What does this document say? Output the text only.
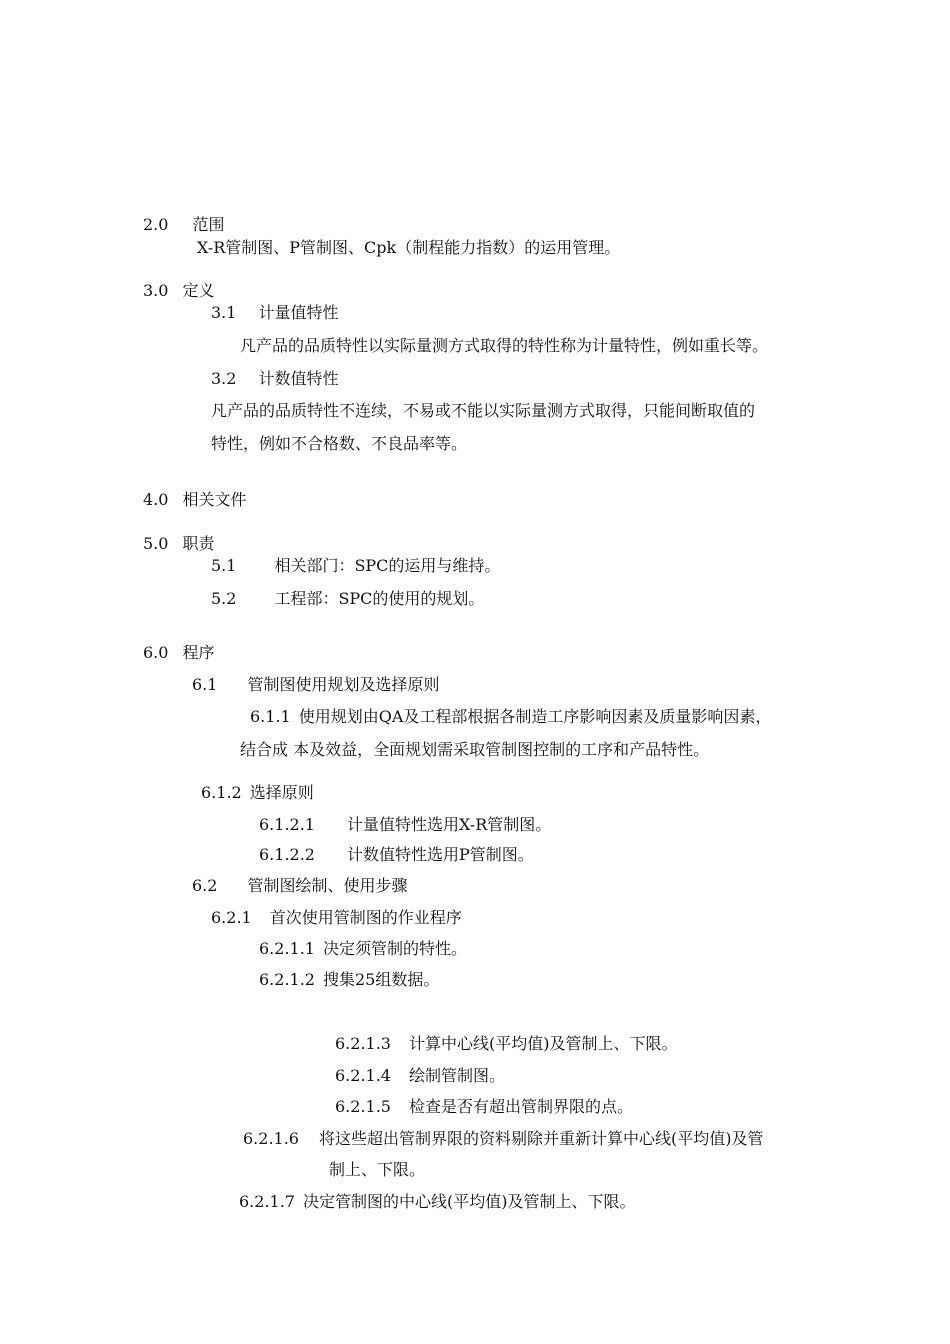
2.0 范围
X-R管制图、P管制图、Cpk（制程能力指数）的运用管理。
3.0 定义
3.1 计量值特性
凡产品的品质特性以实际量测方式取得的特性称为计量特性，例如重长等。
3.2 计数值特性
凡产品的品质特性不连续，不易或不能以实际量测方式取得，只能间断取值的
特性，例如不合格数、不良品率等。
4.0 相关文件
5.0 职责
5.1 相关部门：SPC的运用与维持。
5.2 工程部：SPC的使用的规划。
6.0 程序
6.1 管制图使用规划及选择原则
6.1.1 使用规划由QA及工程部根据各制造工序影响因素及质量影响因素，
结合成 本及效益，全面规划需采取管制图控制的工序和产品特性。
6.1.2 选择原则
6.1.2.1 计量值特性选用X-R管制图。
6.1.2.2 计数值特性选用P管制图。
6.2 管制图绘制、使用步骤
6.2.1 首次使用管制图的作业程序
6.2.1.1 决定须管制的特性。
6.2.1.2 搜集25组数据。
6.2.1.3 计算中心线(平均值)及管制上、下限。
6.2.1.4 绘制管制图。
6.2.1.5 检查是否有超出管制界限的点。
6.2.1.6 将这些超出管制界限的资料剔除并重新计算中心线(平均值)及管
制上、下限。
6.2.1.7 决定管制图的中心线(平均值)及管制上、下限。
